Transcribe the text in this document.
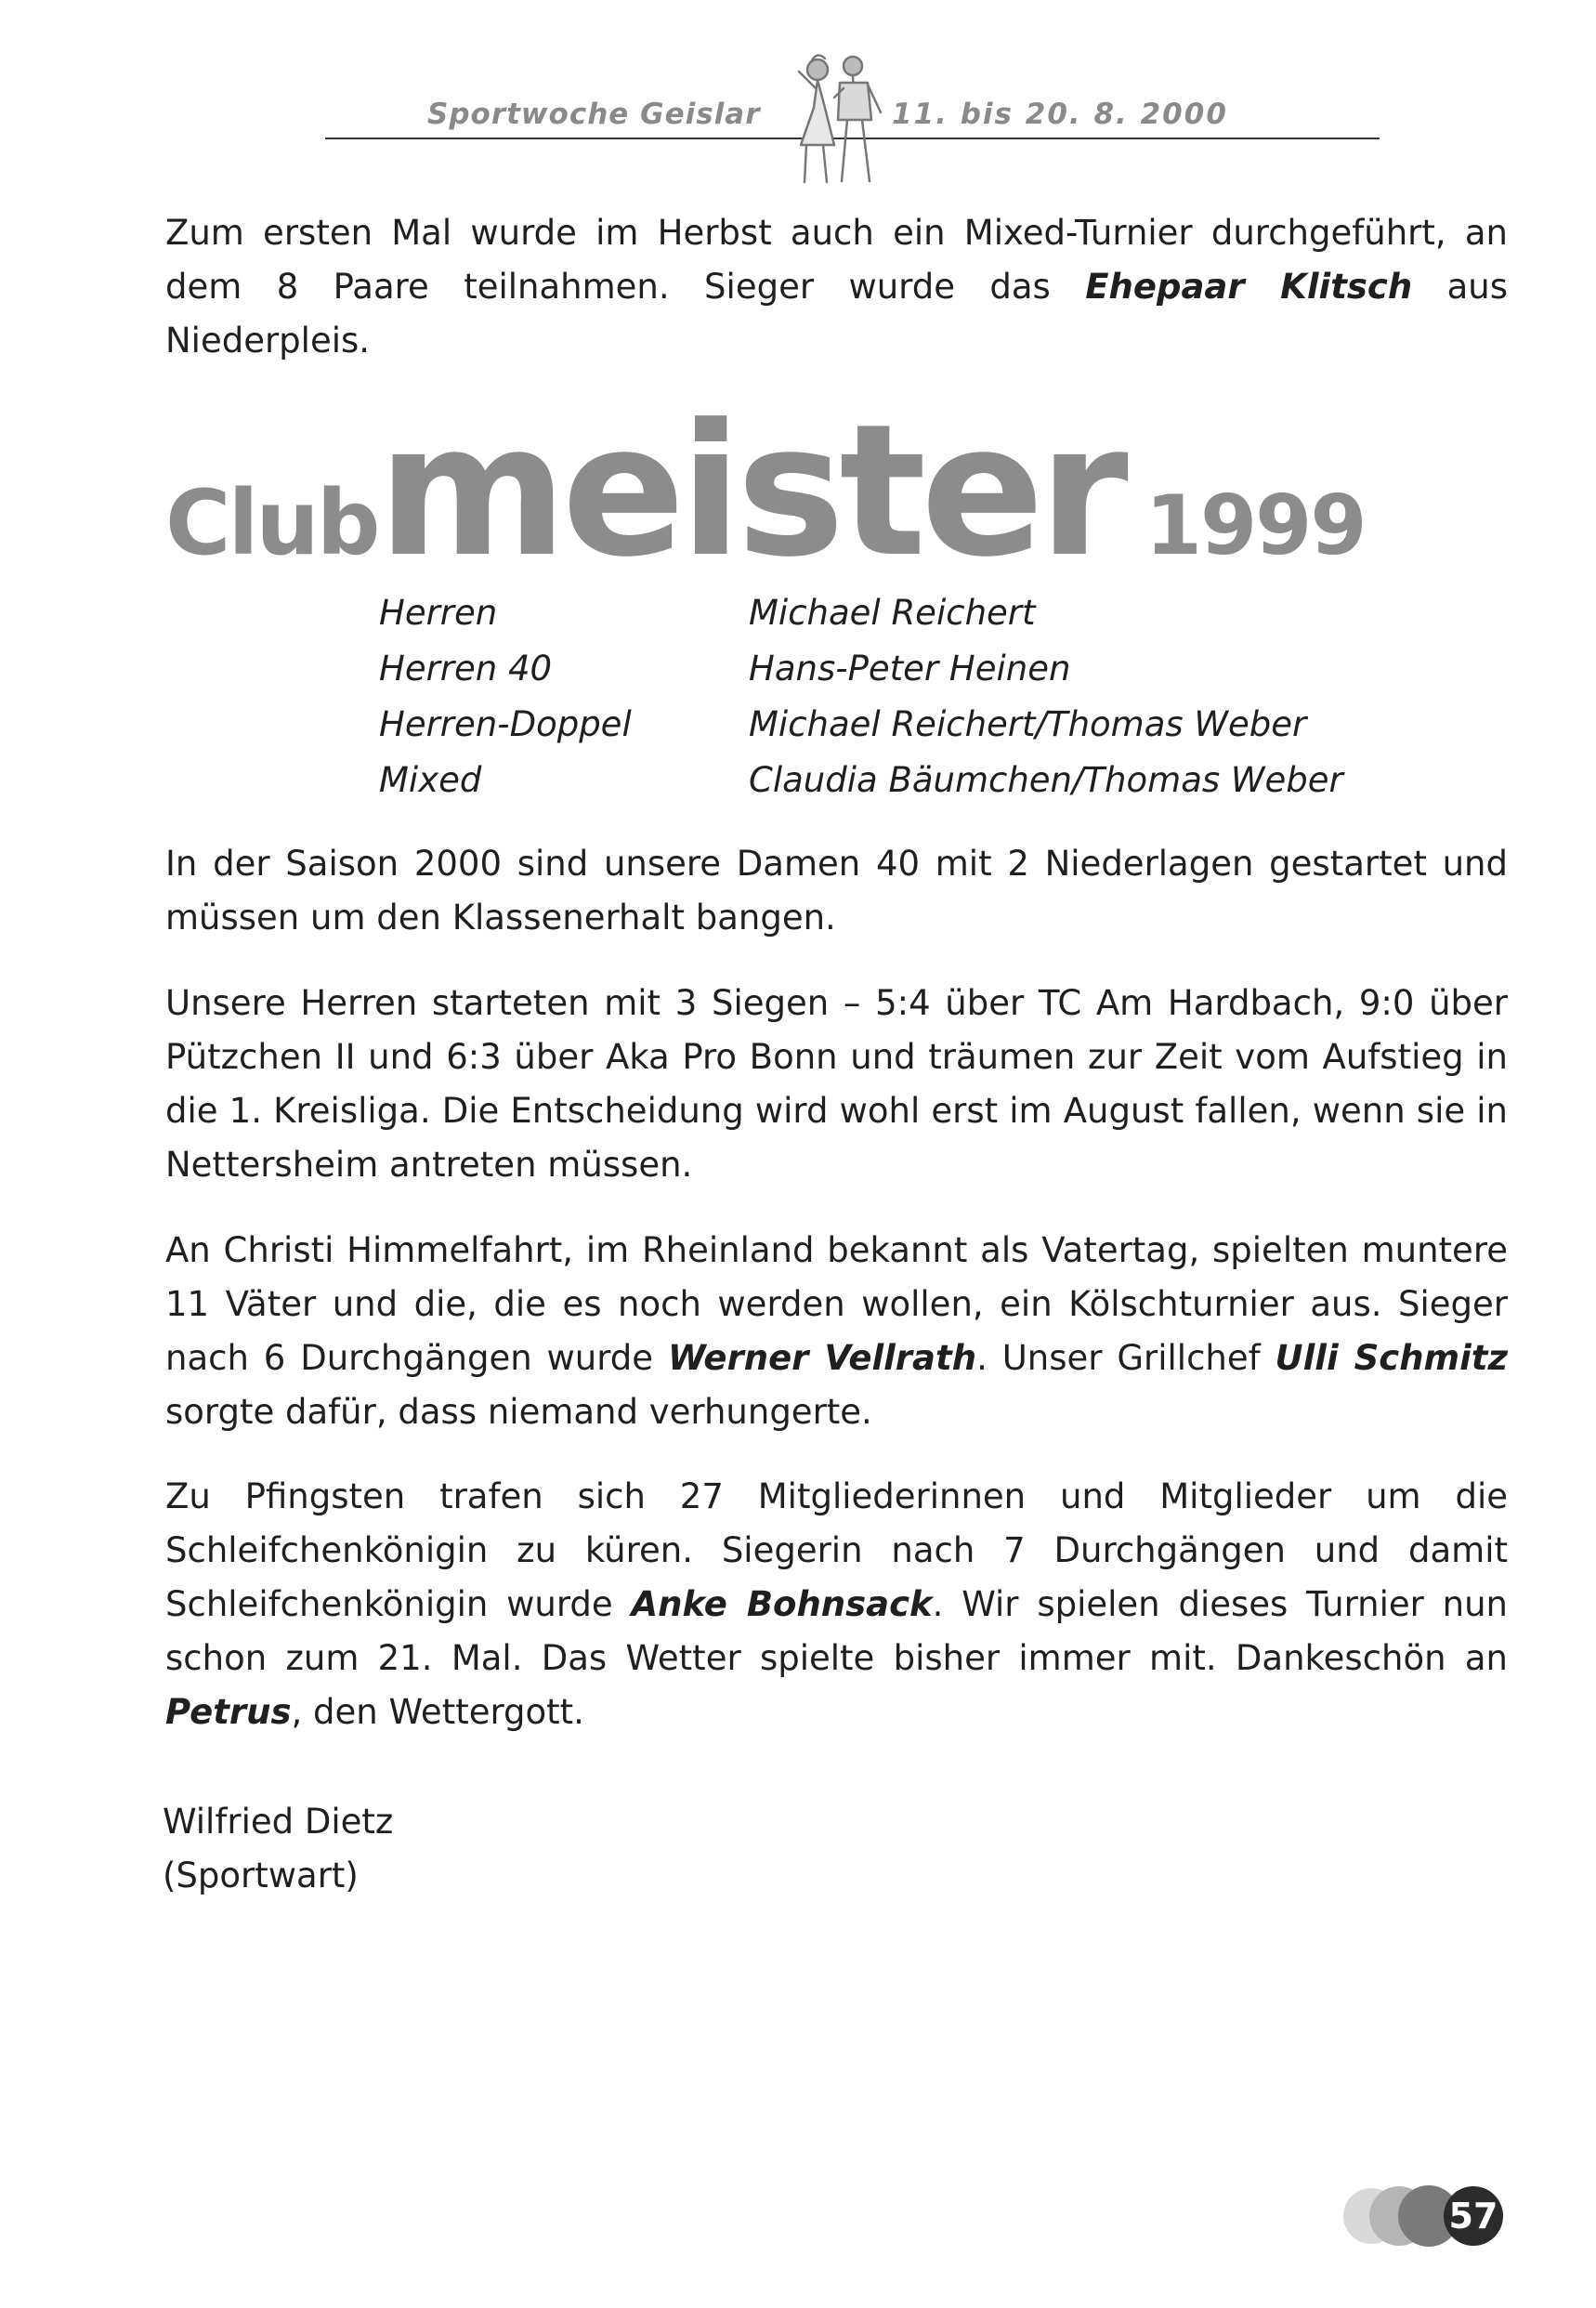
Sportwoche Geislar	11. bis 20. 8. 2000

Zum ersten Mal wurde im Herbst auch ein Mixed-Turnier durchgeführt, an dem 8 Paare teilnahmen. Sieger wurde das Ehepaar Klitsch aus Niederpleis.

Clubmeister 1999
Herren	Michael Reichert
Herren 40	Hans-Peter Heinen
Herren-Doppel	Michael Reichert/Thomas Weber
Mixed	Claudia Bäumchen/Thomas Weber

In der Saison 2000 sind unsere Damen 40 mit 2 Niederlagen gestartet und müssen um den Klassenerhalt bangen.

Unsere Herren starteten mit 3 Siegen – 5:4 über TC Am Hardbach, 9:0 über Pützchen II und 6:3 über Aka Pro Bonn und träumen zur Zeit vom Aufstieg in die 1. Kreisliga. Die Entscheidung wird wohl erst im August fallen, wenn sie in Nettersheim antreten müssen.

An Christi Himmelfahrt, im Rheinland bekannt als Vatertag, spielten muntere 11 Väter und die, die es noch werden wollen, ein Kölschturnier aus. Sieger nach 6 Durchgängen wurde Werner Vellrath. Unser Grillchef Ulli Schmitz sorgte dafür, dass niemand verhungerte.

Zu Pfingsten trafen sich 27 Mitgliederinnen und Mitglieder um die Schleifchenkönigin zu küren. Siegerin nach 7 Durchgängen und damit Schleifchenkönigin wurde Anke Bohnsack. Wir spielen dieses Turnier nun schon zum 21. Mal. Das Wetter spielte bisher immer mit. Dankeschön an Petrus, den Wettergott.

Wilfried Dietz
(Sportwart)
57
